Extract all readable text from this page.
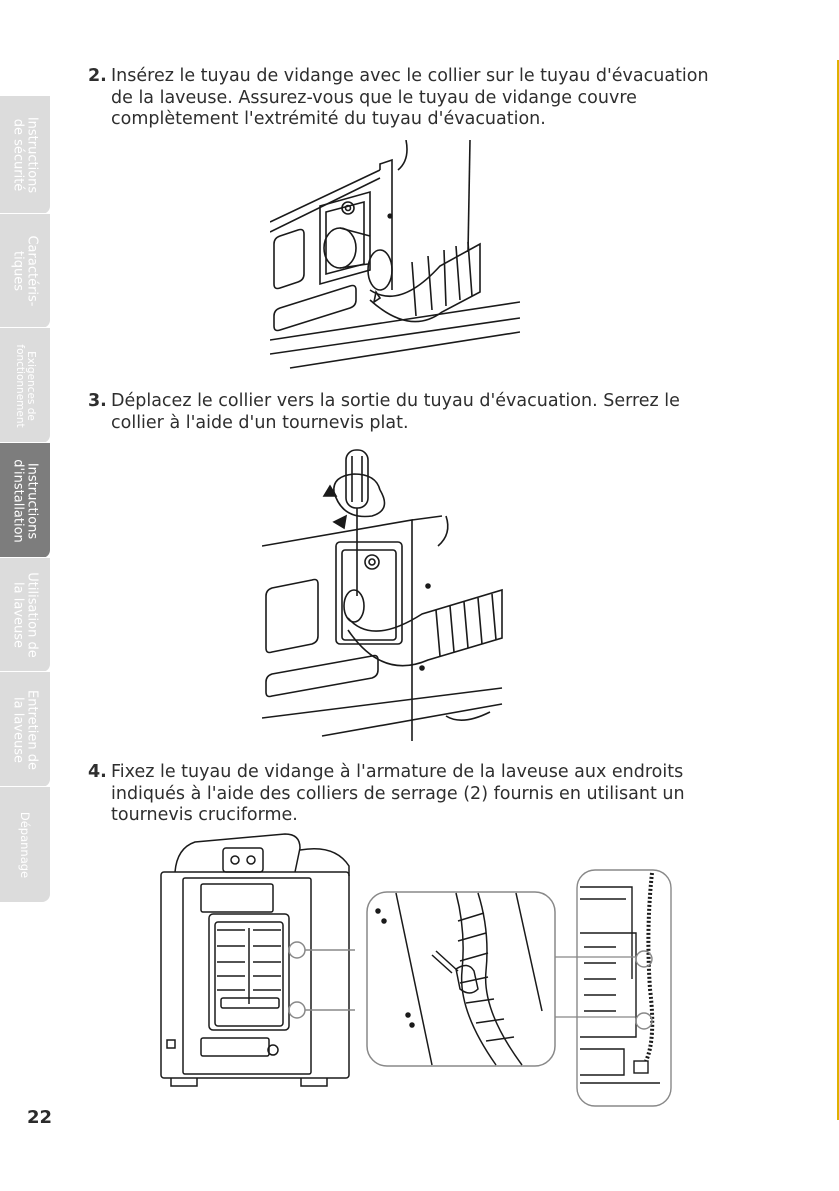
Instructions
de sécurité
Caractéris-
tiques
Exigences de
fonctionnement
Instructions
d'installation
Utilisation de
la laveuse
Entretien de
la laveuse
Dépannage
2. Insérez le tuyau de vidange avec le collier sur le tuyau d'évacuation
de la laveuse. Assurez-vous que le tuyau de vidange couvre
complètement l'extrémité du tuyau d'évacuation.
3. Déplacez le collier vers la sortie du tuyau d'évacuation. Serrez le
collier à l'aide d'un tournevis plat.
4. Fixez le tuyau de vidange à l'armature de la laveuse aux endroits
indiqués à l'aide des colliers de serrage (2) fournis en utilisant un
tournevis cruciforme.
22
